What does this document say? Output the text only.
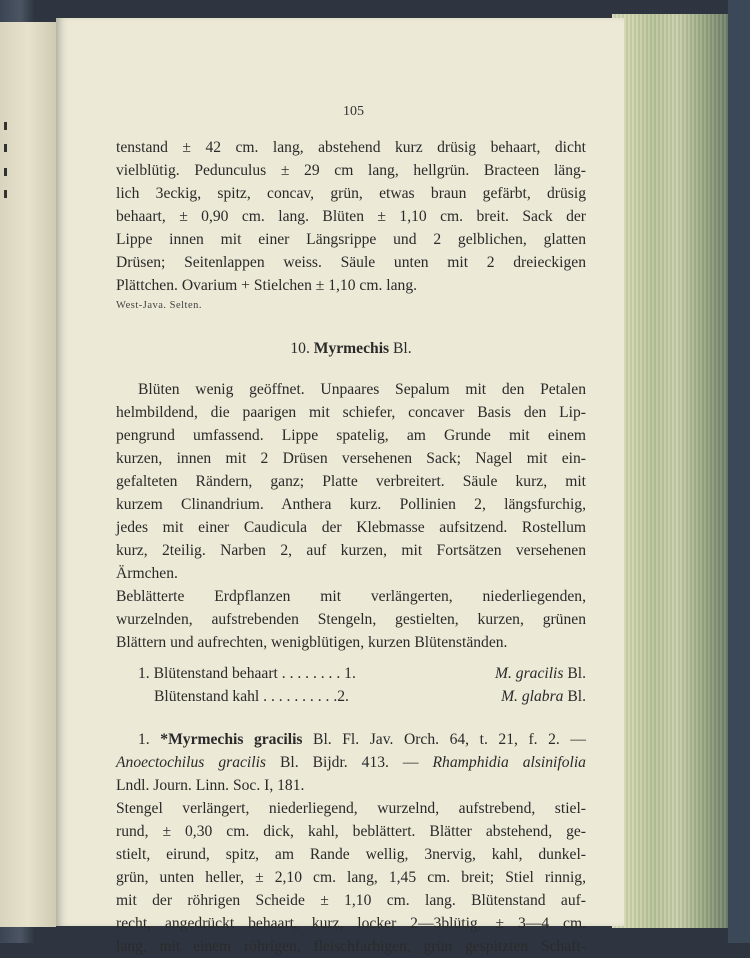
105
tenstand ± 42 cm. lang, abstehend kurz drüsig behaart, dicht
vielblütig. Pedunculus ± 29 cm lang, hellgrün. Bracteen läng-
lich 3eckig, spitz, concav, grün, etwas braun gefärbt, drüsig
behaart, ± 0,90 cm. lang. Blüten ± 1,10 cm. breit. Sack der
Lippe innen mit einer Längsrippe und 2 gelblichen, glatten
Drüsen; Seitenlappen weiss. Säule unten mit 2 dreieckigen
Plättchen. Ovarium + Stielchen ± 1,10 cm. lang.
West-Java. Selten.
10. Myrmechis Bl.
Blüten wenig geöffnet. Unpaares Sepalum mit den Petalen
helmbildend, die paarigen mit schiefer, concaver Basis den Lip-
pengrund umfassend. Lippe spatelig, am Grunde mit einem
kurzen, innen mit 2 Drüsen versehenen Sack; Nagel mit ein-
gefalteten Rändern, ganz; Platte verbreitert. Säule kurz, mit
kurzem Clinandrium. Anthera kurz. Pollinien 2, längsfurchig,
jedes mit einer Caudicula der Klebmasse aufsitzend. Rostellum
kurz, 2teilig. Narben 2, auf kurzen, mit Fortsätzen versehenen
Ärmchen.
Beblätterte Erdpflanzen mit verlängerten, niederliegenden,
wurzelnden, aufstrebenden Stengeln, gestielten, kurzen, grünen
Blättern und aufrechten, wenigblütigen, kurzen Blütenständen.
1. Blütenstand behaart . . . . . . . . 1.	M. gracilis Bl.
Blütenstand kahl . . . . . . . . . .2.	M. glabra Bl.
1. *Myrmechis gracilis Bl. Fl. Jav. Orch. 64, t. 21, f. 2. —
Anoectochilus gracilis Bl. Bijdr. 413. — Rhamphidia alsinifolia
Lndl. Journ. Linn. Soc. I, 181.
Stengel verlängert, niederliegend, wurzelnd, aufstrebend, stiel-
rund, ± 0,30 cm. dick, kahl, beblättert. Blätter abstehend, ge-
stielt, eirund, spitz, am Rande wellig, 3nervig, kahl, dunkel-
grün, unten heller, ± 2,10 cm. lang, 1,45 cm. breit; Stiel rinnig,
mit der röhrigen Scheide ± 1,10 cm. lang. Blütenstand auf-
recht, angedrückt behaart, kurz, locker 2—3blütig, ± 3—4 cm.
lang, mit einem röhrigen, fleischfarbigen, grün gespitzten Schaft-
